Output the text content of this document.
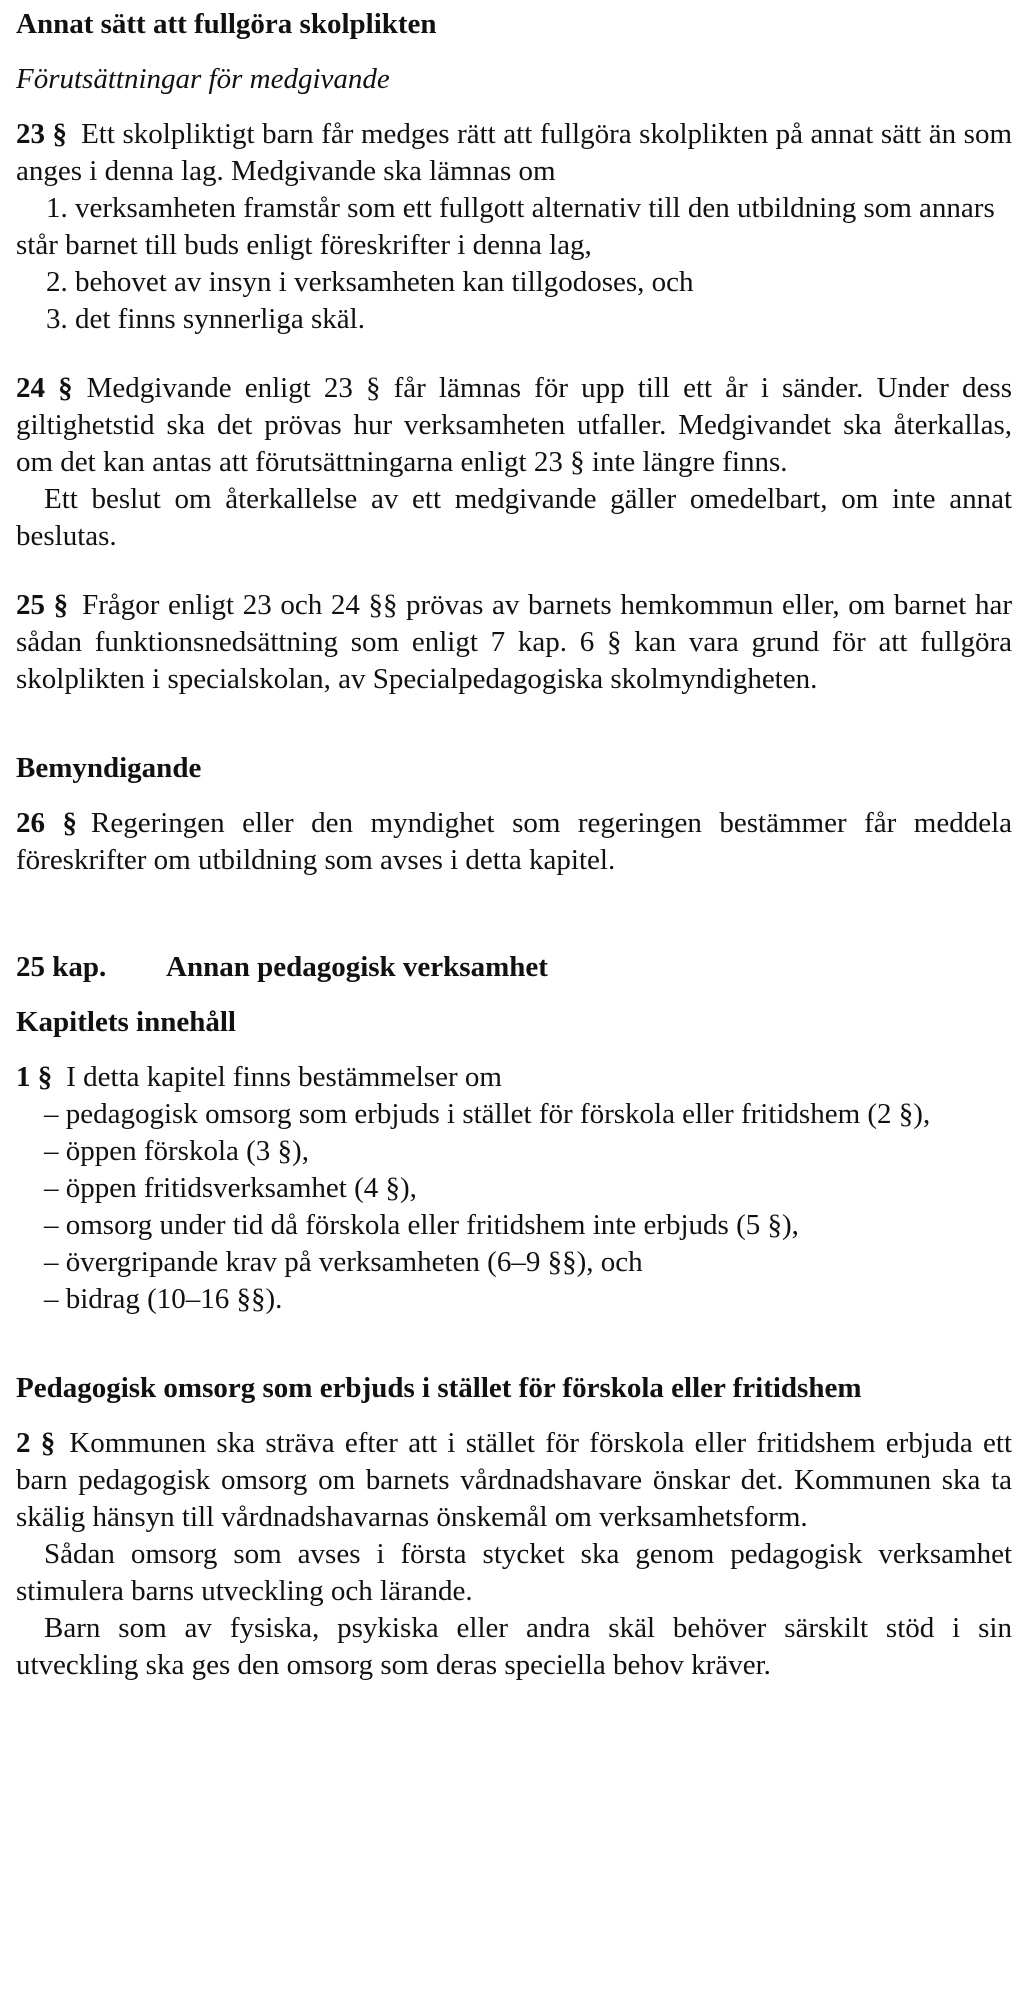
Annat sätt att fullgöra skolplikten

Förutsättningar för medgivande

23 § Ett skolpliktigt barn får medges rätt att fullgöra skolplikten på annat sätt än som anges i denna lag. Medgivande ska lämnas om

1. verksamheten framstår som ett fullgott alternativ till den utbildning som annars står barnet till buds enligt föreskrifter i denna lag,

2. behovet av insyn i verksamheten kan tillgodoses, och

3. det finns synnerliga skäl.

24 § Medgivande enligt 23 § får lämnas för upp till ett år i sänder. Under dess giltighetstid ska det prövas hur verksamheten utfaller. Medgivandet ska återkallas, om det kan antas att förutsättningarna enligt 23 § inte längre finns.

Ett beslut om återkallelse av ett medgivande gäller omedelbart, om inte annat beslutas.

25 § Frågor enligt 23 och 24 §§ prövas av barnets hemkommun eller, om barnet har sådan funktionsnedsättning som enligt 7 kap. 6 § kan vara grund för att fullgöra skolplikten i specialskolan, av Specialpedagogiska skolmyndigheten.

Bemyndigande

26 § Regeringen eller den myndighet som regeringen bestämmer får meddela föreskrifter om utbildning som avses i detta kapitel.

25 kap. Annan pedagogisk verksamhet

Kapitlets innehåll

1 § I detta kapitel finns bestämmelser om

– pedagogisk omsorg som erbjuds i stället för förskola eller fritidshem (2 §),

– öppen förskola (3 §),

– öppen fritidsverksamhet (4 §),

– omsorg under tid då förskola eller fritidshem inte erbjuds (5 §),

– övergripande krav på verksamheten (6–9 §§), och

– bidrag (10–16 §§).

Pedagogisk omsorg som erbjuds i stället för förskola eller fritidshem

2 § Kommunen ska sträva efter att i stället för förskola eller fritidshem erbjuda ett barn pedagogisk omsorg om barnets vårdnadshavare önskar det. Kommunen ska ta skälig hänsyn till vårdnadshavarnas önskemål om verksamhetsform.

Sådan omsorg som avses i första stycket ska genom pedagogisk verksamhet stimulera barns utveckling och lärande.

Barn som av fysiska, psykiska eller andra skäl behöver särskilt stöd i sin utveckling ska ges den omsorg som deras speciella behov kräver.
